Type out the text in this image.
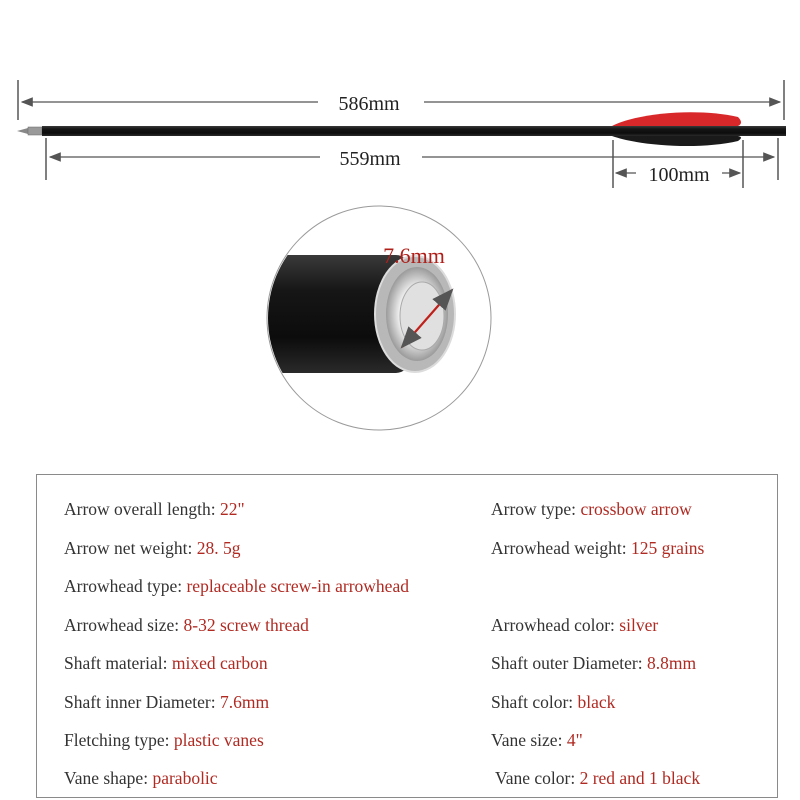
586mm
559mm
100mm
7.6mm
Arrow overall length: 22"	Arrow type: crossbow arrow
Arrow net weight: 28. 5g	Arrowhead weight: 125 grains
Arrowhead type: replaceable screw-in arrowhead
Arrowhead size: 8-32 screw thread	Arrowhead color: silver
Shaft material: mixed carbon	Shaft outer Diameter: 8.8mm
Shaft inner Diameter: 7.6mm	Shaft color: black
Fletching type: plastic vanes	Vane size: 4"
Vane shape: parabolic	Vane color: 2 red and 1 black
